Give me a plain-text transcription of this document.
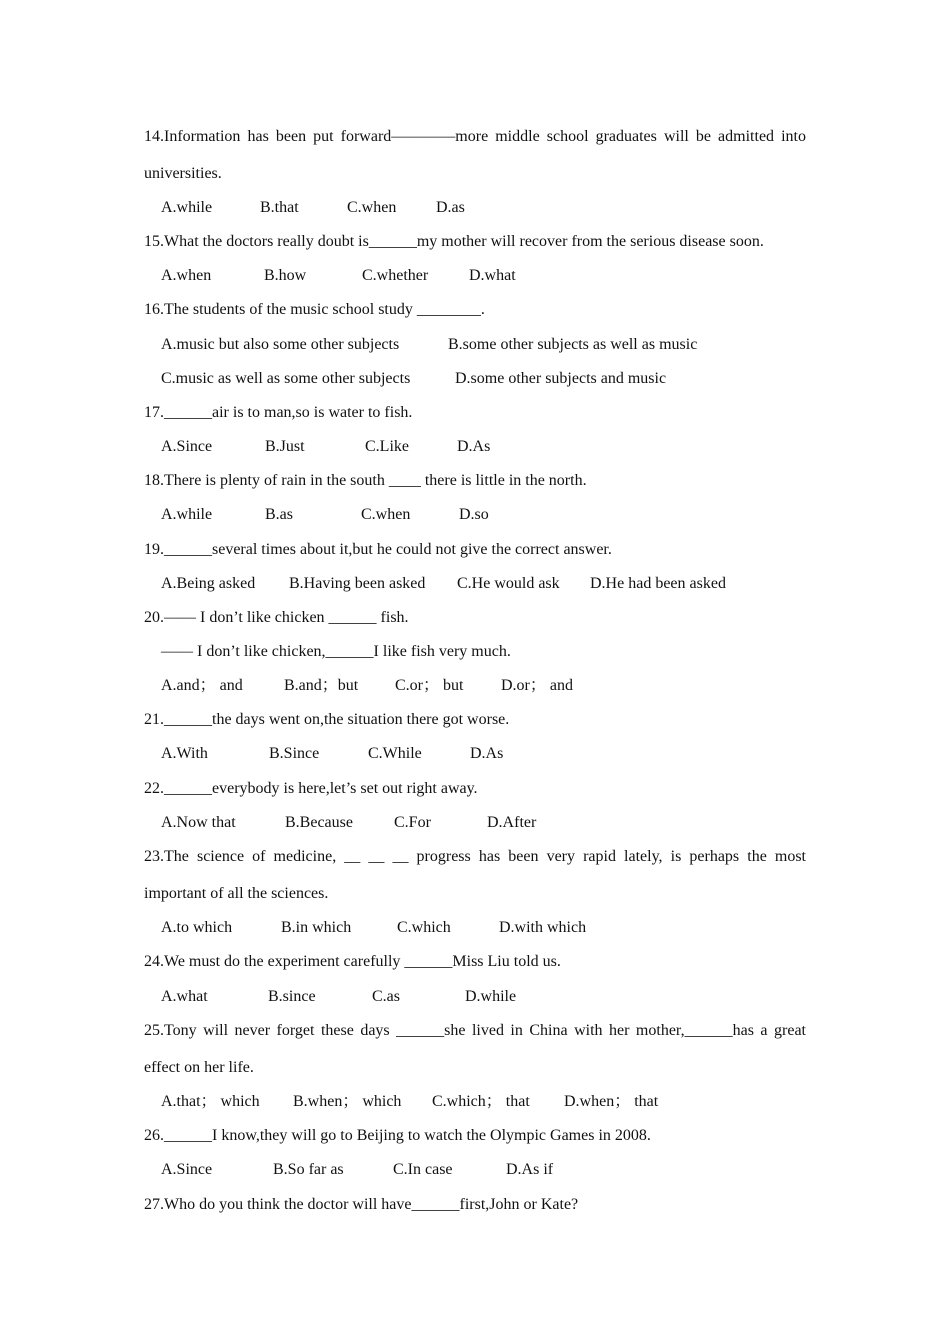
14.Information has been put forward————more middle school graduates will be admitted into
universities.
A.while	B.that	C.when D.as
15.What the doctors really doubt is______my mother will recover from the serious disease soon.
A.when	B.how	C.whether	D.what
16.The students of the music school study ________.
A.music but also some other subjects	B.some other subjects as well as music
C.music as well as some other subjects	D.some other subjects and music
17.______air is to man,so is water to fish.
A.Since	B.Just	C.Like	D.As
18.There is plenty of rain in the south ____ there is little in the north.
A.while	B.as	C.when	D.so
19.______several times about it,but he could not give the correct answer.
A.Being asked B.Having been asked C.He would ask D.He had been asked
20.—— I don’t like chicken ______ fish.
—— I don’t like chicken,______I like fish very much.
A.and； and	B.and；but C.or； but D.or； and
21.______the days went on,the situation there got worse.
A.With	B.Since	C.While	D.As
22.______everybody is here,let’s set out right away.
A.Now that	B.Because	C.For	D.After
23.The science of medicine, __ __ __ progress has been very rapid lately, is perhaps the most
important of all the sciences.
A.to which	B.in which	C.which	D.with which
24.We must do the experiment carefully ______Miss Liu told us.
A.what	B.since	C.as	D.while
25.Tony will never forget these days ______she lived in China with her mother,______has a great
effect on her life.
A.that； which B.when； which C.which； that D.when； that
26.______I know,they will go to Beijing to watch the Olympic Games in 2008.
A.Since	B.So far as	C.In case	D.As if
27.Who do you think the doctor will have______first,John or Kate?
